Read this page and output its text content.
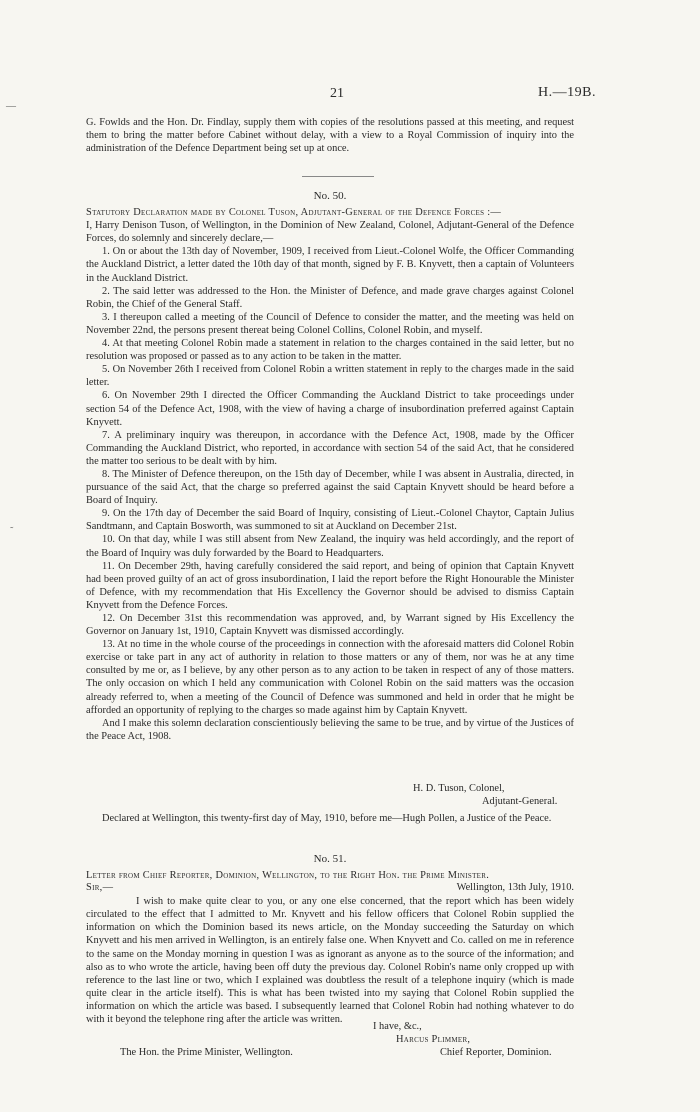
—
˜
21	H.—19B.

G. Fowlds and the Hon. Dr. Findlay, supply them with copies of the resolutions passed at this meeting, and request them to bring the matter before Cabinet without delay, with a view to a Royal Commission of inquiry into the administration of the Defence Department being set up at once.

No. 50.

Statutory Declaration made by Colonel Tuson, Adjutant-General of the Defence Forces :—

I, Harry Denison Tuson, of Wellington, in the Dominion of New Zealand, Colonel, Adjutant-General of the Defence Forces, do solemnly and sincerely declare,—

1. On or about the 13th day of November, 1909, I received from Lieut.-Colonel Wolfe, the Officer Commanding the Auckland District, a letter dated the 10th day of that month, signed by F. B. Knyvett, then a captain of Volunteers in the Auckland District.

2. The said letter was addressed to the Hon. the Minister of Defence, and made grave charges against Colonel Robin, the Chief of the General Staff.

3. I thereupon called a meeting of the Council of Defence to consider the matter, and the meeting was held on November 22nd, the persons present thereat being Colonel Collins, Colonel Robin, and myself.

4. At that meeting Colonel Robin made a statement in relation to the charges contained in the said letter, but no resolution was proposed or passed as to any action to be taken in the matter.

5. On November 26th I received from Colonel Robin a written statement in reply to the charges made in the said letter.

6. On November 29th I directed the Officer Commanding the Auckland District to take proceedings under section 54 of the Defence Act, 1908, with the view of having a charge of insubordination preferred against Captain Knyvett.

7. A preliminary inquiry was thereupon, in accordance with the Defence Act, 1908, made by the Officer Commanding the Auckland District, who reported, in accordance with section 54 of the said Act, that he considered the matter too serious to be dealt with by him.

8. The Minister of Defence thereupon, on the 15th day of December, while I was absent in Australia, directed, in pursuance of the said Act, that the charge so preferred against the said Captain Knyvett should be heard before a Board of Inquiry.

9. On the 17th day of December the said Board of Inquiry, consisting of Lieut.-Colonel Chaytor, Captain Julius Sandtmann, and Captain Bosworth, was summoned to sit at Auckland on December 21st.

10. On that day, while I was still absent from New Zealand, the inquiry was held accordingly, and the report of the Board of Inquiry was duly forwarded by the Board to Headquarters.

11. On December 29th, having carefully considered the said report, and being of opinion that Captain Knyvett had been proved guilty of an act of gross insubordination, I laid the report before the Right Honourable the Minister of Defence, with my recommendation that His Excellency the Governor should be advised to dismiss Captain Knyvett from the Defence Forces.

12. On December 31st this recommendation was approved, and, by Warrant signed by His Excellency the Governor on January 1st, 1910, Captain Knyvett was dismissed accordingly.

13. At no time in the whole course of the proceedings in connection with the aforesaid matters did Colonel Robin exercise or take part in any act of authority in relation to those matters or any of them, nor was he at any time consulted by me or, as I believe, by any other person as to any action to be taken in respect of any of those matters. The only occasion on which I held any communication with Colonel Robin on the said matters was the occasion already referred to, when a meeting of the Council of Defence was summoned and held in order that he might be afforded an opportunity of replying to the charges so made against him by Captain Knyvett.

And I make this solemn declaration conscientiously believing the same to be true, and by virtue of the Justices of the Peace Act, 1908.

H. D. Tuson, Colonel,
Adjutant-General.

Declared at Wellington, this twenty-first day of May, 1910, before me—Hugh Pollen, a Justice of the Peace.

No. 51.

Letter from Chief Reporter, Dominion, Wellington, to the Right Hon. the Prime Minister.

Sir,—	Wellington, 13th July, 1910.

I wish to make quite clear to you, or any one else concerned, that the report which has been widely circulated to the effect that I admitted to Mr. Knyvett and his fellow officers that Colonel Robin supplied the information on which the Dominion based its news article, on the Monday succeeding the Saturday on which Knyvett and his men arrived in Wellington, is an entirely false one. When Knyvett and Co. called on me in reference to the same on the Monday morning in question I was as ignorant as anyone as to the source of the information; and also as to who wrote the article, having been off duty the previous day. Colonel Robin's name only cropped up with reference to the last line or two, which I explained was doubtless the result of a telephone inquiry (which is made quite clear in the article itself). This is what has been twisted into my saying that Colonel Robin supplied the information on which the article was based. I subsequently learned that Colonel Robin had nothing whatever to do with it beyond the telephone ring after the article was written.

I have, &c.,
Harcus Plimmer,
The Hon. the Prime Minister, Wellington.	Chief Reporter, Dominion.
